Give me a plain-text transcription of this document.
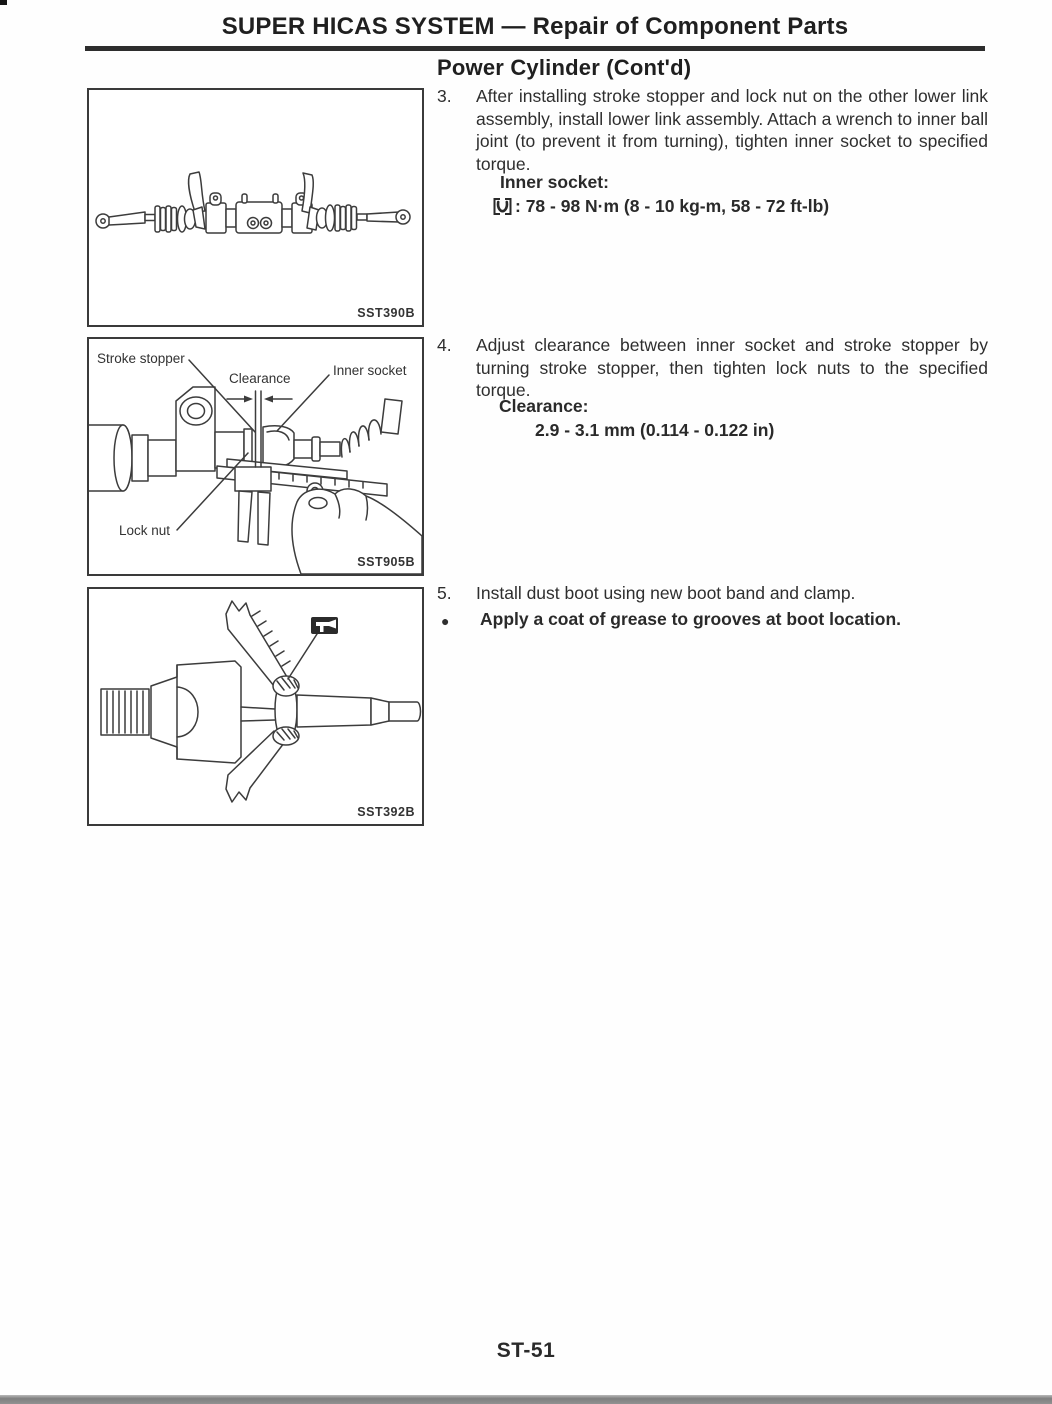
SUPER HICAS SYSTEM — Repair of Component Parts
Power Cylinder (Cont'd)
SST390B
Stroke stopper
Clearance
Inner socket
Lock nut
SST905B
SST392B
3.	After installing stroke stopper and lock nut on the other lower link assembly, install lower link assembly. Attach a wrench to inner ball joint (to prevent it from turning), tighten inner socket to specified torque.
Inner socket:
: 78 - 98 N·m (8 - 10 kg-m, 58 - 72 ft-lb)
4.	Adjust clearance between inner socket and stroke stopper by turning stroke stopper, then tighten lock nuts to the specified torque.
Clearance:
2.9 - 3.1 mm (0.114 - 0.122 in)
5.	Install dust boot using new boot band and clamp.
●	Apply a coat of grease to grooves at boot location.
ST-51
